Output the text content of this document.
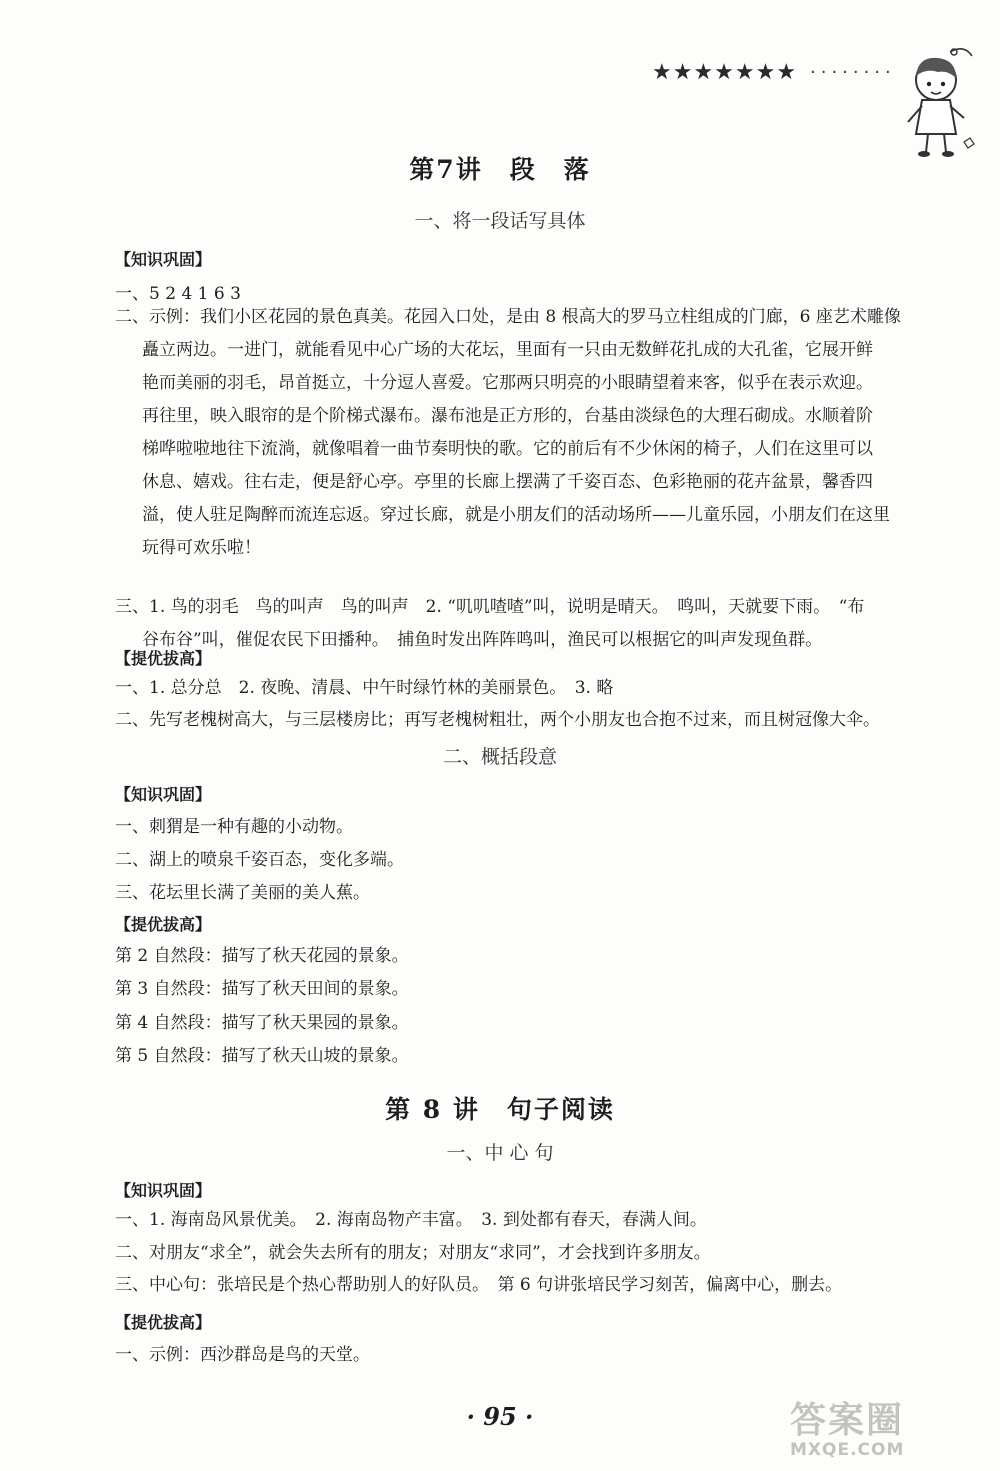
★★★★★★★ ········
第7讲　段　落
一、将一段话写具体
【知识巩固】
一、5 2 4 1 6 3
二、示例：我们小区花园的景色真美。花园入口处，是由 8 根高大的罗马立柱组成的门廊，6 座艺术雕像
矗立两边。一进门，就能看见中心广场的大花坛，里面有一只由无数鲜花扎成的大孔雀，它展开鲜
艳而美丽的羽毛，昂首挺立，十分逗人喜爱。它那两只明亮的小眼睛望着来客，似乎在表示欢迎。
再往里，映入眼帘的是个阶梯式瀑布。瀑布池是正方形的，台基由淡绿色的大理石砌成。水顺着阶
梯哗啦啦地往下流淌，就像唱着一曲节奏明快的歌。它的前后有不少休闲的椅子，人们在这里可以
休息、嬉戏。往右走，便是舒心亭。亭里的长廊上摆满了千姿百态、色彩艳丽的花卉盆景，馨香四
溢，使人驻足陶醉而流连忘返。穿过长廊，就是小朋友们的活动场所——儿童乐园，小朋友们在这里
玩得可欢乐啦！
三、1. 鸟的羽毛　鸟的叫声　鸟的叫声　2. “叽叽喳喳”叫，说明是晴天。　鸣叫，天就要下雨。　“布
谷布谷”叫，催促农民下田播种。　捕鱼时发出阵阵鸣叫，渔民可以根据它的叫声发现鱼群。
【提优拔高】
一、1. 总分总　2. 夜晚、清晨、中午时绿竹林的美丽景色。　3. 略
二、先写老槐树高大，与三层楼房比；再写老槐树粗壮，两个小朋友也合抱不过来，而且树冠像大伞。
二、概括段意
【知识巩固】
一、刺猬是一种有趣的小动物。
二、湖上的喷泉千姿百态，变化多端。
三、花坛里长满了美丽的美人蕉。
【提优拔高】
第 2 自然段：描写了秋天花园的景象。
第 3 自然段：描写了秋天田间的景象。
第 4 自然段：描写了秋天果园的景象。
第 5 自然段：描写了秋天山坡的景象。
第 8 讲　句子阅读
一、中 心 句
【知识巩固】
一、1. 海南岛风景优美。　2. 海南岛物产丰富。　3. 到处都有春天，春满人间。
二、对朋友“求全”，就会失去所有的朋友；对朋友“求同”，才会找到许多朋友。
三、中心句：张培民是个热心帮助别人的好队员。　第 6 句讲张培民学习刻苦，偏离中心，删去。
【提优拔高】
一、示例：西沙群岛是鸟的天堂。
· 95 ·	答案圈
MXQE.COM
